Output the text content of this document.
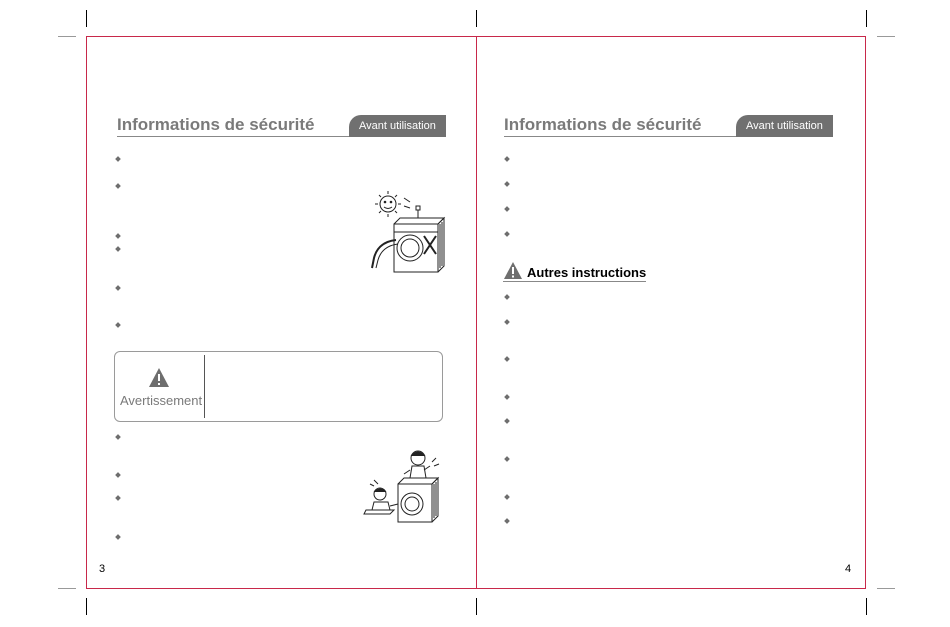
Informations de sécurité	Avant utilisation
Avertissement
3
Informations de sécurité	Avant utilisation
Autres instructions
4
